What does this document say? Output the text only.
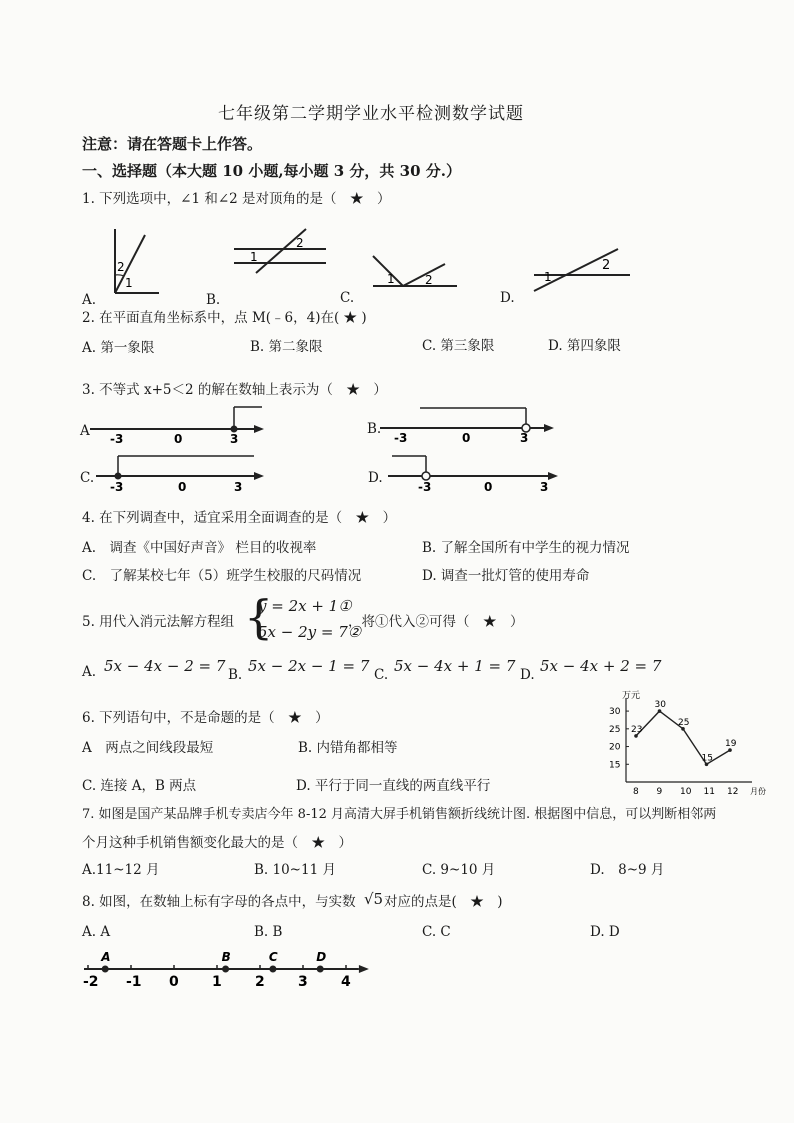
七年级第二学期学业水平检测数学试题
注意：请在答题卡上作答。
一、选择题（本大题 10 小题,每小题 3 分，共 30 分.）
1. 下列选项中，∠1 和∠2 是对顶角的是（　★　）
2
1
1
2
1	2	1
2
A.	B.	C.	D.
2. 在平面直角坐标系中，点 M(﹣6，4)在( ★ )
A. 第一象限	B. 第二象限	C. 第三象限	D. 第四象限
3. 不等式 x+5＜2 的解在数轴上表示为（　★　）
A -3	0	3
B.
-3	0	3
C.
-3	0	3
D.
-3	0	3
4. 在下列调查中，适宜采用全面调查的是（　★　）
A.　调查《中国好声音》 栏目的收视率	B. 了解全国所有中学生的视力情况
C.　了解某校七年（5）班学生校服的尺码情况	D. 调查一批灯管的使用寿命
5. 用代入消元法解方程组 {
y = 2x + 1①
5x − 2y = 7②
，将①代入②可得（　★　）
A. 5x − 4x − 2 = 7 B. 5x − 2x − 1 = 7 C. 5x − 4x + 1 = 7 D. 5x − 4x + 2 = 7
6. 下列语句中，不是命题的是（　★　）
A　两点之间线段最短	B. 内错角都相等
C. 连接 A，B 两点	D. 平行于同一直线的两直线平行
万元
月份
15
20
25
30
8 9 10 11 12
23
30
25
15
19
7. 如图是国产某品牌手机专卖店今年 8-12 月高清大屏手机销售额折线统计图. 根据图中信息，可以判断相邻两
个月这种手机销售额变化最大的是（　★　）
A.11~12 月	B. 10~11 月	C. 9~10 月	D.　8~9 月
8. 如图，在数轴上标有字母的各点中，与实数 √5 对应的点是(　★　)
A. A	B. B	C. C	D. D
-2 -1 0 1 2 3 4
A	B	C	D
